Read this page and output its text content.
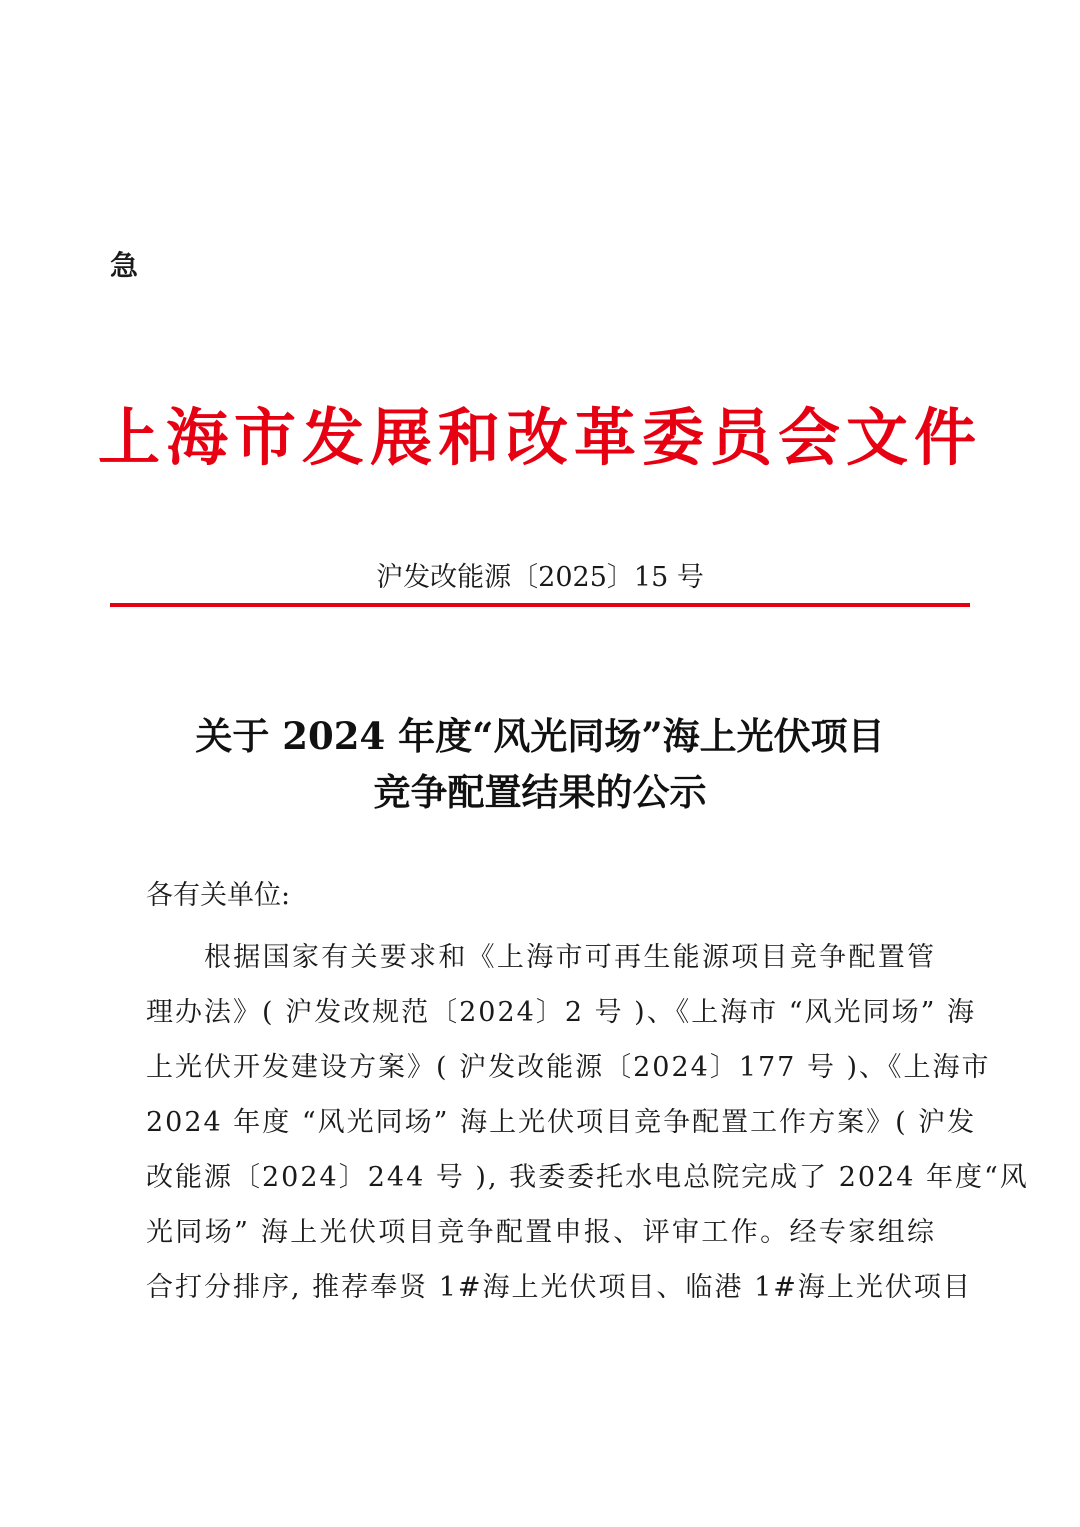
急
上海市发展和改革委员会文件
沪发改能源〔2025〕15 号
关于 2024 年度“风光同场”海上光伏项目
竞争配置结果的公示
各有关单位:
根据国家有关要求和《上海市可再生能源项目竞争配置管
理办法》( 沪发改规范〔2024〕2 号 )、《上海市 “风光同场” 海
上光伏开发建设方案》( 沪发改能源〔2024〕177 号 )、《上海市
2024 年度 “风光同场” 海上光伏项目竞争配置工作方案》( 沪发
改能源〔2024〕244 号 ), 我委委托水电总院完成了 2024 年度“风
光同场” 海上光伏项目竞争配置申报、评审工作。经专家组综
合打分排序, 推荐奉贤 1#海上光伏项目、临港 1#海上光伏项目
